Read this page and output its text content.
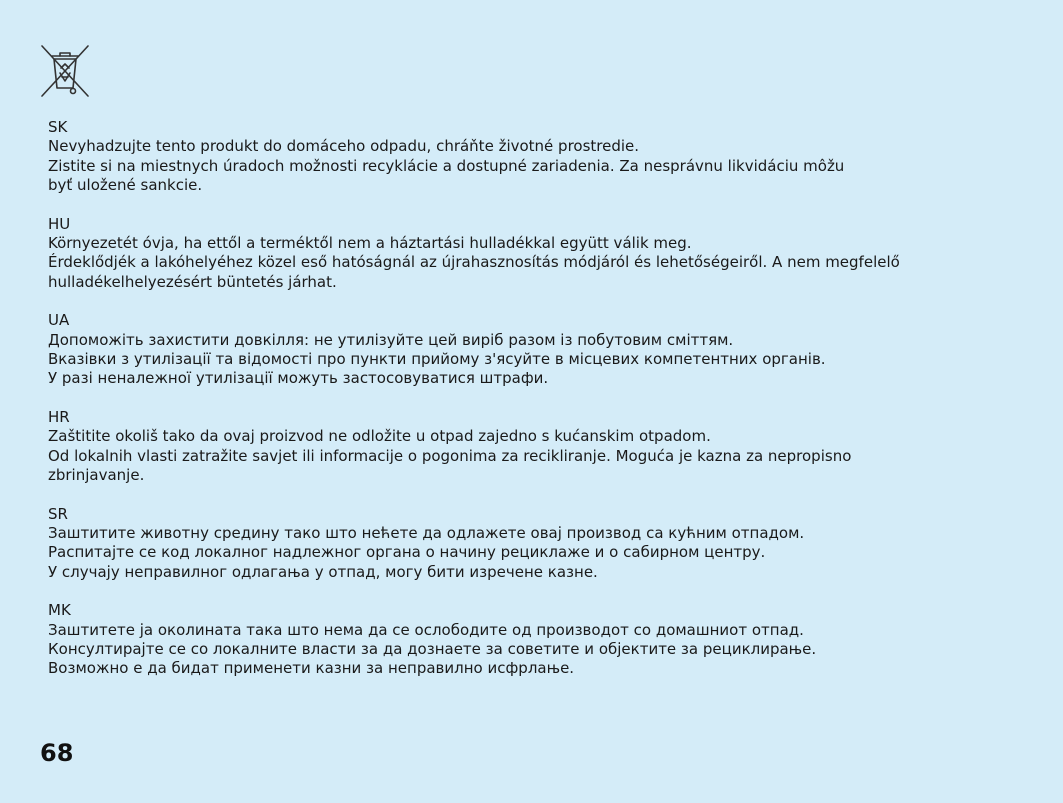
SK

Nevyhadzujte tento produkt do domáceho odpadu, chráňte životné prostredie.

Zistite si na miestnych úradoch možnosti recyklácie a dostupné zariadenia. Za nesprávnu likvidáciu môžu

byť uložené sankcie.

HU

Környezetét óvja, ha ettől a terméktől nem a háztartási hulladékkal együtt válik meg.

Érdeklődjék a lakóhelyéhez közel eső hatóságnál az újrahasznosítás módjáról és lehetőségeiről. A nem megfelelő

hulladékelhelyezésért büntetés járhat.

UA

Допоможіть захистити довкілля: не утилізуйте цей виріб разом із побутовим сміттям.

Вказівки з утилізації та відомості про пункти прийому з'ясуйте в місцевих компетентних органів.

У разі неналежної утилізації можуть застосовуватися штрафи.

HR

Zaštitite okoliš tako da ovaj proizvod ne odložite u otpad zajedno s kućanskim otpadom.

Od lokalnih vlasti zatražite savjet ili informacije o pogonima za recikliranje. Moguća je kazna za nepropisno

zbrinjavanje.

SR

Заштитите животну средину тако што нећете да одлажете овај производ са кућним отпадом.

Распитајте се код локалног надлежног органа о начину рециклаже и о сабирном центру.

У случају неправилног одлагања у отпад, могу бити изречене казне.

MK

Заштитете ја околината така што нема да се ослободите од производот со домашниот отпад.

Консултирајте се со локалните власти за да дознаете за советите и објектите за рециклирање.

Возможно е да бидат применети казни за неправилно исфрлање.

68
